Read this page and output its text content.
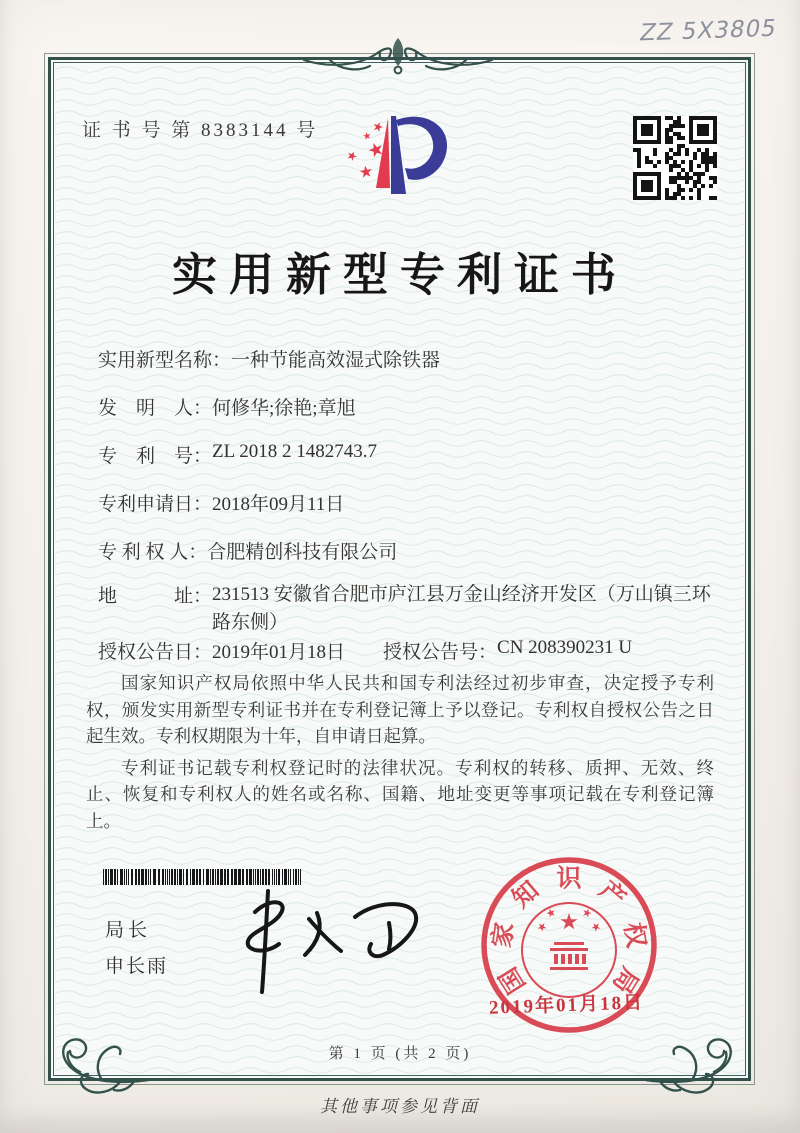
ZZ 5X3805
证 书 号 第 8383144 号
实用新型专利证书
实用新型名称： 一种节能高效湿式除铁器
发　明　人： 何修华;徐艳;章旭
专　利　号： ZL 2018 2 1482743.7
专利申请日： 2018年09月11日
专 利 权 人： 合肥精创科技有限公司
地　　　址： 231513 安徽省合肥市庐江县万金山经济开发区（万山镇三环路东侧）
授权公告日： 2019年01月18日 授权公告号： CN 208390231 U

国家知识产权局依照中华人民共和国专利法经过初步审查，决定授予专利权，颁发实用新型专利证书并在专利登记簿上予以登记。专利权自授权公告之日起生效。专利权期限为十年，自申请日起算。

专利证书记载专利权登记时的法律状况。专利权的转移、质押、无效、终止、恢复和专利权人的姓名或名称、国籍、地址变更等事项记载在专利登记簿上。

局长
申长雨	国
家
知 识 产
权
局
2019年01月18日
第 1 页 (共 2 页)
其他事项参见背面
